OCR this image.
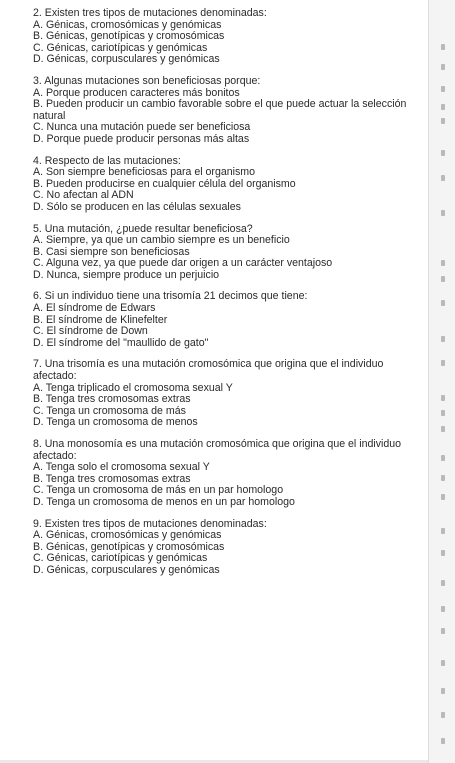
2. Existen tres tipos de mutaciones denominadas:
A. Génicas, cromosómicas y genómicas
B. Génicas, genotípicas y cromosómicas
C. Génicas, cariotípicas y genómicas
D. Génicas, corpusculares y genómicas
3. Algunas mutaciones son beneficiosas porque:
A. Porque producen caracteres más bonitos
B. Pueden producir un cambio favorable sobre el que puede actuar la selección natural
C. Nunca una mutación puede ser beneficiosa
D. Porque puede producir personas más altas
4. Respecto de las mutaciones:
A. Son siempre beneficiosas para el organismo
B. Pueden producirse en cualquier célula del organismo
C. No afectan al ADN
D. Sólo se producen en las células sexuales
5. Una mutación, ¿puede resultar beneficiosa?
A. Siempre, ya que un cambio siempre es un beneficio
B. Casi siempre son beneficiosas
C. Alguna vez, ya que puede dar origen a un carácter ventajoso
D. Nunca, siempre produce un perjuicio
6. Si un individuo tiene una trisomía 21 decimos que tiene:
A. El síndrome de Edwars
B. El síndrome de Klinefelter
C. El síndrome de Down
D. El síndrome del "maullido de gato"
7. Una trisomía es una mutación cromosómica que origina que el individuo afectado:
A. Tenga triplicado el cromosoma sexual Y
B. Tenga tres cromosomas extras
C. Tenga un cromosoma de más
D. Tenga un cromosoma de menos
8. Una monosomía es una mutación cromosómica que origina que el individuo afectado:
A. Tenga solo el cromosoma sexual Y
B. Tenga tres cromosomas extras
C. Tenga un cromosoma de más en un par homologo
D. Tenga un cromosoma de menos en un par homologo
9. Existen tres tipos de mutaciones denominadas:
A. Génicas, cromosómicas y genómicas
B. Génicas, genotípicas y cromosómicas
C. Génicas, cariotípicas y genómicas
D. Génicas, corpusculares y genómicas
